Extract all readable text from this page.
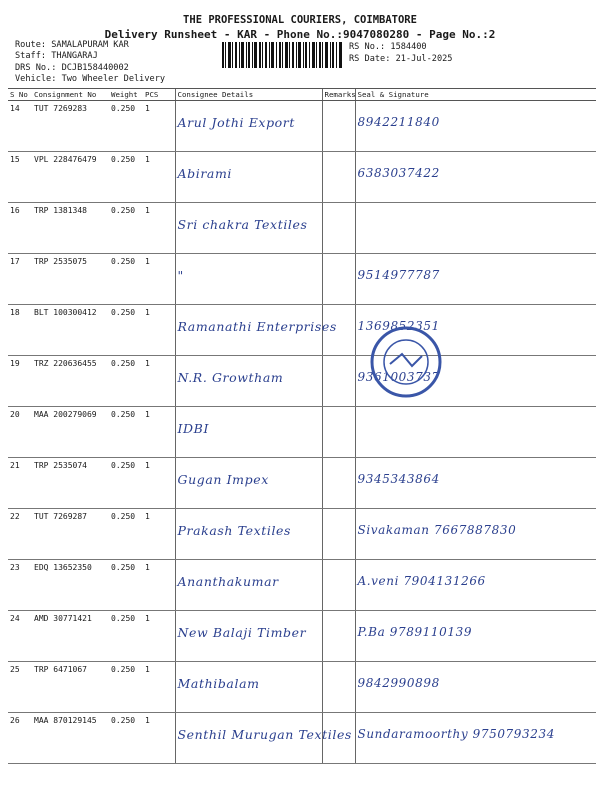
THE PROFESSIONAL COURIERS, COIMBATORE
Delivery Runsheet - KAR - Phone No.:9047080280 - Page No.:2
Route: SAMALAPURAM KAR
Staff: THANGARAJ
DRS No.: DCJB158440002
Vehicle: Two Wheeler Delivery
RS No.: 1584400
RS Date: 21-Jul-2025
S No	Consignment No	Weight	PCS	Consignee Details	Remarks	Seal & Signature
14	TUT 7269283	0.250	1	Arul Jothi Export		8942211840
15	VPL 228476479	0.250	1	Abirami		6383037422
16	TRP 1381348	0.250	1	Sri chakra Textiles		
17	TRP 2535075	0.250	1	"		9514977787
18	BLT 100300412	0.250	1	Ramanathi Enterprises		1369852351
19	TRZ 220636455	0.250	1	N.R. Growtham		9361003737
20	MAA 200279069	0.250	1	IDBI		
21	TRP 2535074	0.250	1	Gugan Impex		9345343864
22	TUT 7269287	0.250	1	Prakash Textiles		Sivakaman 7667887830
23	EDQ 13652350	0.250	1	Ananthakumar		A.veni 7904131266
24	AMD 30771421	0.250	1	New Balaji Timber		P.Ba 9789110139
25	TRP 6471067	0.250	1	Mathibalam		9842990898
26	MAA 870129145	0.250	1	Senthil Murugan Textiles		Sundaramoorthy 9750793234
